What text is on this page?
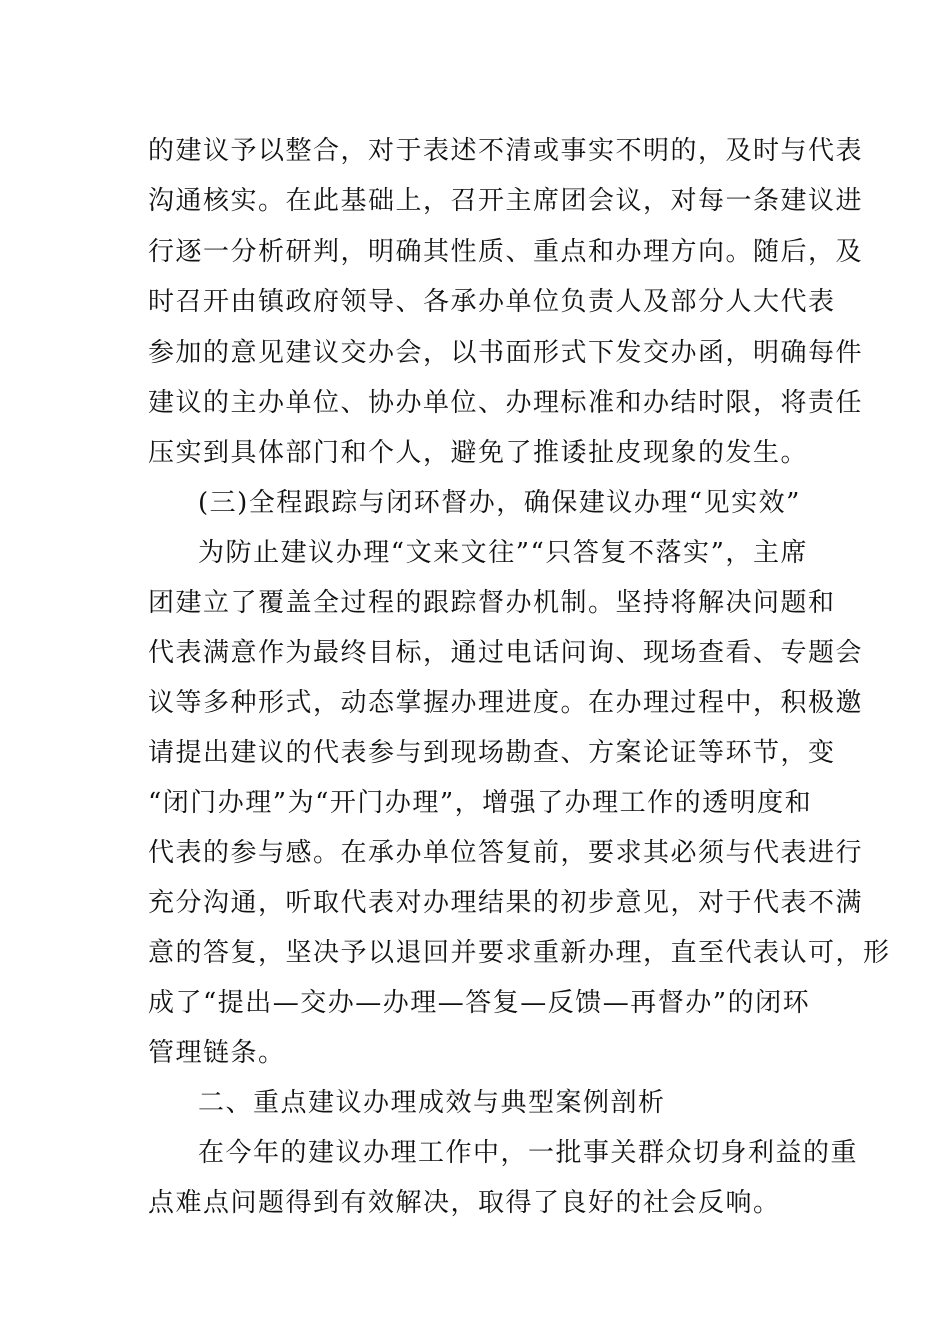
的建议予以整合，对于表述不清或事实不明的，及时与代表
沟通核实。在此基础上，召开主席团会议，对每一条建议进
行逐一分析研判，明确其性质、重点和办理方向。随后，及
时召开由镇政府领导、各承办单位负责人及部分人大代表
参加的意见建议交办会，以书面形式下发交办函，明确每件
建议的主办单位、协办单位、办理标准和办结时限，将责任
压实到具体部门和个人，避免了推诿扯皮现象的发生。
(三)全程跟踪与闭环督办，确保建议办理“见实效”
为防止建议办理“文来文往”“只答复不落实”，主席
团建立了覆盖全过程的跟踪督办机制。坚持将解决问题和
代表满意作为最终目标，通过电话问询、现场查看、专题会
议等多种形式，动态掌握办理进度。在办理过程中，积极邀
请提出建议的代表参与到现场勘查、方案论证等环节，变
“闭门办理”为“开门办理”，增强了办理工作的透明度和
代表的参与感。在承办单位答复前，要求其必须与代表进行
充分沟通，听取代表对办理结果的初步意见，对于代表不满
意的答复，坚决予以退回并要求重新办理，直至代表认可，形
成了“提出—交办—办理—答复—反馈—再督办”的闭环
管理链条。
二、重点建议办理成效与典型案例剖析
在今年的建议办理工作中，一批事关群众切身利益的重
点难点问题得到有效解决，取得了良好的社会反响。
